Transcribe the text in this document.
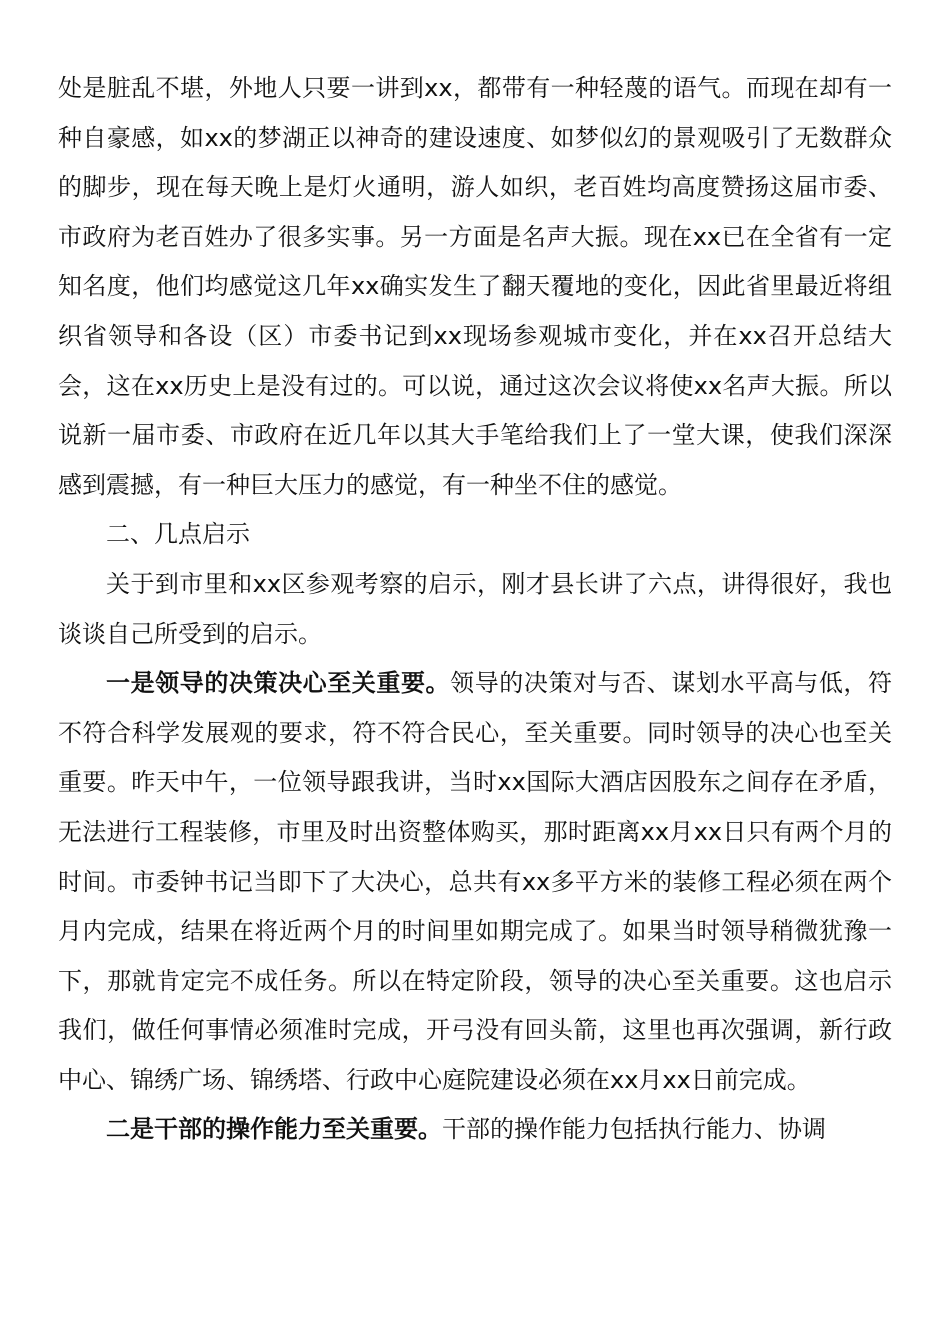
处是脏乱不堪，外地人只要一讲到xx，都带有一种轻蔑的语气。而现在却有一种自豪感，如xx的梦湖正以神奇的建设速度、如梦似幻的景观吸引了无数群众的脚步，现在每天晚上是灯火通明，游人如织，老百姓均高度赞扬这届市委、市政府为老百姓办了很多实事。另一方面是名声大振。现在xx已在全省有一定知名度，他们均感觉这几年xx确实发生了翻天覆地的变化，因此省里最近将组织省领导和各设（区）市委书记到xx现场参观城市变化，并在xx召开总结大会，这在xx历史上是没有过的。可以说，通过这次会议将使xx名声大振。所以说新一届市委、市政府在近几年以其大手笔给我们上了一堂大课，使我们深深感到震撼，有一种巨大压力的感觉，有一种坐不住的感觉。

二、几点启示

关于到市里和xx区参观考察的启示，刚才县长讲了六点，讲得很好，我也谈谈自己所受到的启示。

一是领导的决策决心至关重要。领导的决策对与否、谋划水平高与低，符不符合科学发展观的要求，符不符合民心，至关重要。同时领导的决心也至关重要。昨天中午，一位领导跟我讲，当时xx国际大酒店因股东之间存在矛盾，无法进行工程装修，市里及时出资整体购买，那时距离xx月xx日只有两个月的时间。市委钟书记当即下了大决心，总共有xx多平方米的装修工程必须在两个月内完成，结果在将近两个月的时间里如期完成了。如果当时领导稍微犹豫一下，那就肯定完不成任务。所以在特定阶段，领导的决心至关重要。这也启示我们，做任何事情必须准时完成，开弓没有回头箭，这里也再次强调，新行政中心、锦绣广场、锦绣塔、行政中心庭院建设必须在xx月xx日前完成。

二是干部的操作能力至关重要。干部的操作能力包括执行能力、协调
